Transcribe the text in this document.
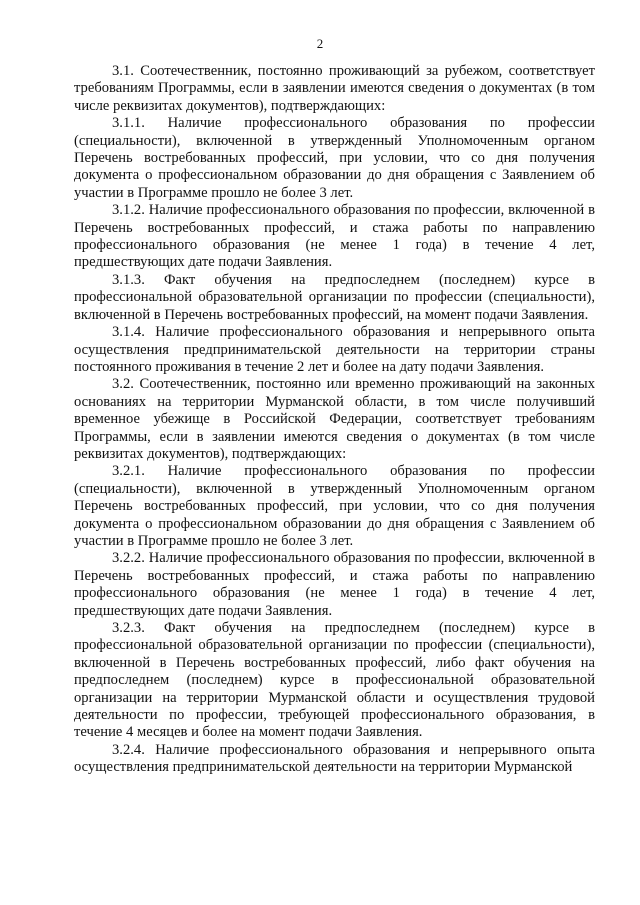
2

3.1. Соотечественник, постоянно проживающий за рубежом, соответствует требованиям Программы, если в заявлении имеются сведения о документах (в том числе реквизитах документов), подтверждающих:

3.1.1. Наличие профессионального образования по профессии (специальности), включенной в утвержденный Уполномоченным органом Перечень востребованных профессий, при условии, что со дня получения документа о профессиональном образовании до дня обращения с Заявлением об участии в Программе прошло не более 3 лет.

3.1.2. Наличие профессионального образования по профессии, включенной в Перечень востребованных профессий, и стажа работы по направлению профессионального образования (не менее 1 года) в течение 4 лет, предшествующих дате подачи Заявления.

3.1.3. Факт обучения на предпоследнем (последнем) курсе в профессиональной образовательной организации по профессии (специальности), включенной в Перечень востребованных профессий, на момент подачи Заявления.

3.1.4. Наличие профессионального образования и непрерывного опыта осуществления предпринимательской деятельности на территории страны постоянного проживания в течение 2 лет и более на дату подачи Заявления.

3.2. Соотечественник, постоянно или временно проживающий на законных основаниях на территории Мурманской области, в том числе получивший временное убежище в Российской Федерации, соответствует требованиям Программы, если в заявлении имеются сведения о документах (в том числе реквизитах документов), подтверждающих:

3.2.1. Наличие профессионального образования по профессии (специальности), включенной в утвержденный Уполномоченным органом Перечень востребованных профессий, при условии, что со дня получения документа о профессиональном образовании до дня обращения с Заявлением об участии в Программе прошло не более 3 лет.

3.2.2. Наличие профессионального образования по профессии, включенной в Перечень востребованных профессий, и стажа работы по направлению профессионального образования (не менее 1 года) в течение 4 лет, предшествующих дате подачи Заявления.

3.2.3. Факт обучения на предпоследнем (последнем) курсе в профессиональной образовательной организации по профессии (специальности), включенной в Перечень востребованных профессий, либо факт обучения на предпоследнем (последнем) курсе в профессиональной образовательной организации на территории Мурманской области и осуществления трудовой деятельности по профессии, требующей профессионального образования, в течение 4 месяцев и более на момент подачи Заявления.

3.2.4. Наличие профессионального образования и непрерывного опыта осуществления предпринимательской деятельности на территории Мурманской
